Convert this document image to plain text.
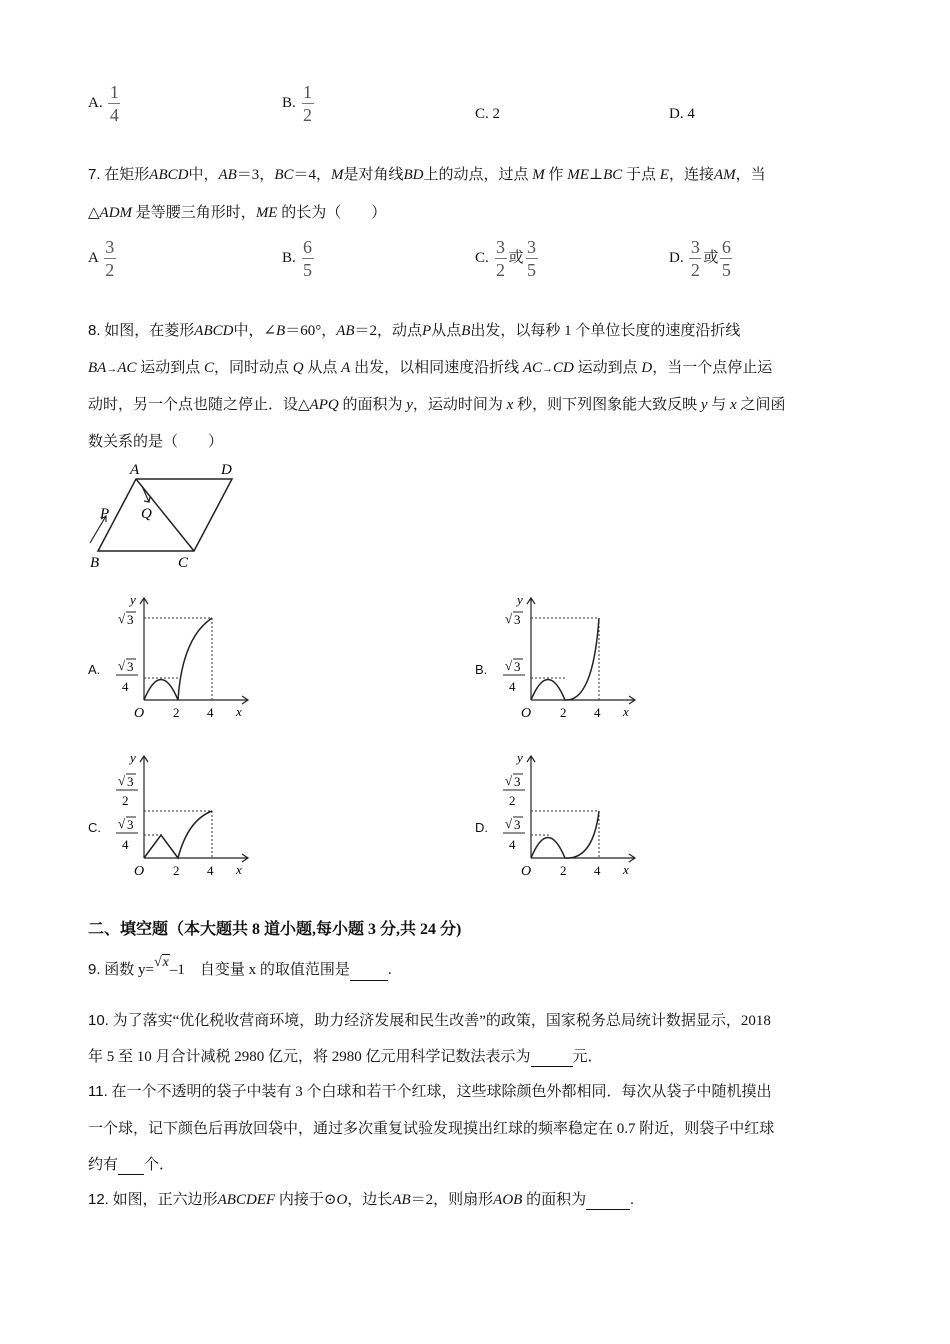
A. $\frac{1}{4}$	B. $\frac{1}{2}$	C. 2	D. 4
7. 在矩形ABCD中，AB＝3，BC＝4，M是对角线BD上的动点，过点 M 作 ME⊥BC 于点 E，连接AM，当
△ADM 是等腰三角形时，ME 的长为（　　）
A $\frac{3}{2}$	B. $\frac{6}{5}$	C. $\frac{3}{2}$ 或 $\frac{3}{5}$	D. $\frac{3}{2}$ 或 $\frac{6}{5}$
8. 如图，在菱形ABCD中，∠B＝60°，AB＝2，动点P从点B出发，以每秒 1 个单位长度的速度沿折线
BA→AC 运动到点 C，同时动点 Q 从点 A 出发，以相同速度沿折线 AC→CD 运动到点 D，当一个点停止运
动时，另一个点也随之停止．设△APQ 的面积为 y，运动时间为 x 秒，则下列图象能大致反映 y 与 x 之间函
数关系的是（　　）
A	D
B	C
P Q
A.
y
√ 3
√ 3
4
O 2 4 x
B.
y
√ 3
√ 3
4
O 2 4 x
C.
y
√ 3
2
√ 3
4
O 2 4 x
D.
y
√ 3
2
√ 3
4
O 2 4 x
二、填空题（本大题共 8 道小题,每小题 3 分,共 24 分)
9. 函数 y=√x–1　自变量 x 的取值范围是	.
10. 为了落实“优化税收营商环境，助力经济发展和民生改善”的政策，国家税务总局统计数据显示，2018
年 5 至 10 月合计减税 2980 亿元，将 2980 亿元用科学记数法表示为	元．
11. 在一个不透明的袋子中装有 3 个白球和若干个红球，这些球除颜色外都相同．每次从袋子中随机摸出
一个球，记下颜色后再放回袋中，通过多次重复试验发现摸出红球的频率稳定在 0.7 附近，则袋子中红球
约有 个．
12. 如图，正六边形ABCDEF 内接于⊙O，边长AB＝2，则扇形AOB 的面积为	.
